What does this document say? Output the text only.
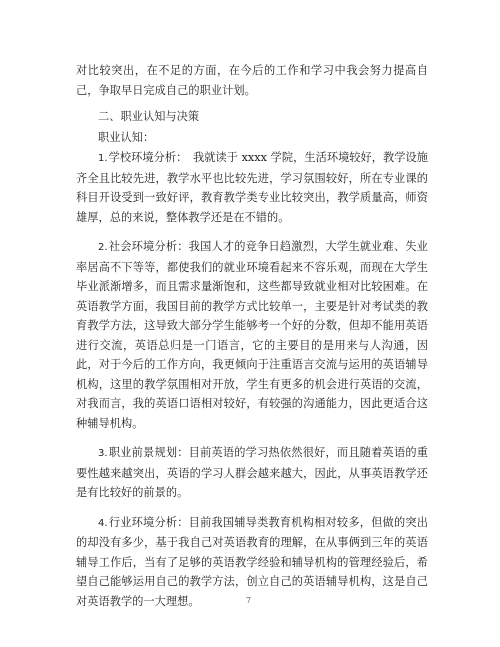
对比较突出，在不足的方面，在今后的工作和学习中我会努力提高自己，争取早日完成自己的职业计划。

二、职业认知与决策

职业认知：

1.学校环境分析：　我就读于 xxxx 学院，生活环境较好，教学设施齐全且比较先进，教学水平也比较先进，学习氛围较好，所在专业课的科目开设受到一致好评，教育教学类专业比较突出，教学质量高，师资雄厚，总的来说，整体教学还是在不错的。

2.社会环境分析：我国人才的竞争日趋激烈，大学生就业难、失业率居高不下等等，都使我们的就业环境看起来不容乐观，而现在大学生毕业派渐增多，而且需求量渐饱和，这些都导致就业相对比较困难。在英语教学方面，我国目前的教学方式比较单一，主要是针对考试类的教育教学方法，这导致大部分学生能够考一个好的分数，但却不能用英语进行交流，英语总归是一门语言，它的主要目的是用来与人沟通，因此，对于今后的工作方向，我更倾向于注重语言交流与运用的英语辅导机构，这里的教学氛围相对开放，学生有更多的机会进行英语的交流，对我而言，我的英语口语相对较好，有较强的沟通能力，因此更适合这种辅导机构。

3.职业前景规划：目前英语的学习热依然很好，而且随着英语的重要性越来越突出，英语的学习人群会越来越大，因此，从事英语教学还是有比较好的前景的。

4.行业环境分析：目前我国辅导类教育机构相对较多，但做的突出的却没有多少，基于我自己对英语教育的理解，在从事俩到三年的英语辅导工作后，当有了足够的英语教学经验和辅导机构的管理经验后，希望自己能够运用自己的教学方法，创立自己的英语辅导机构，这是自己对英语教学的一大理想。	7
